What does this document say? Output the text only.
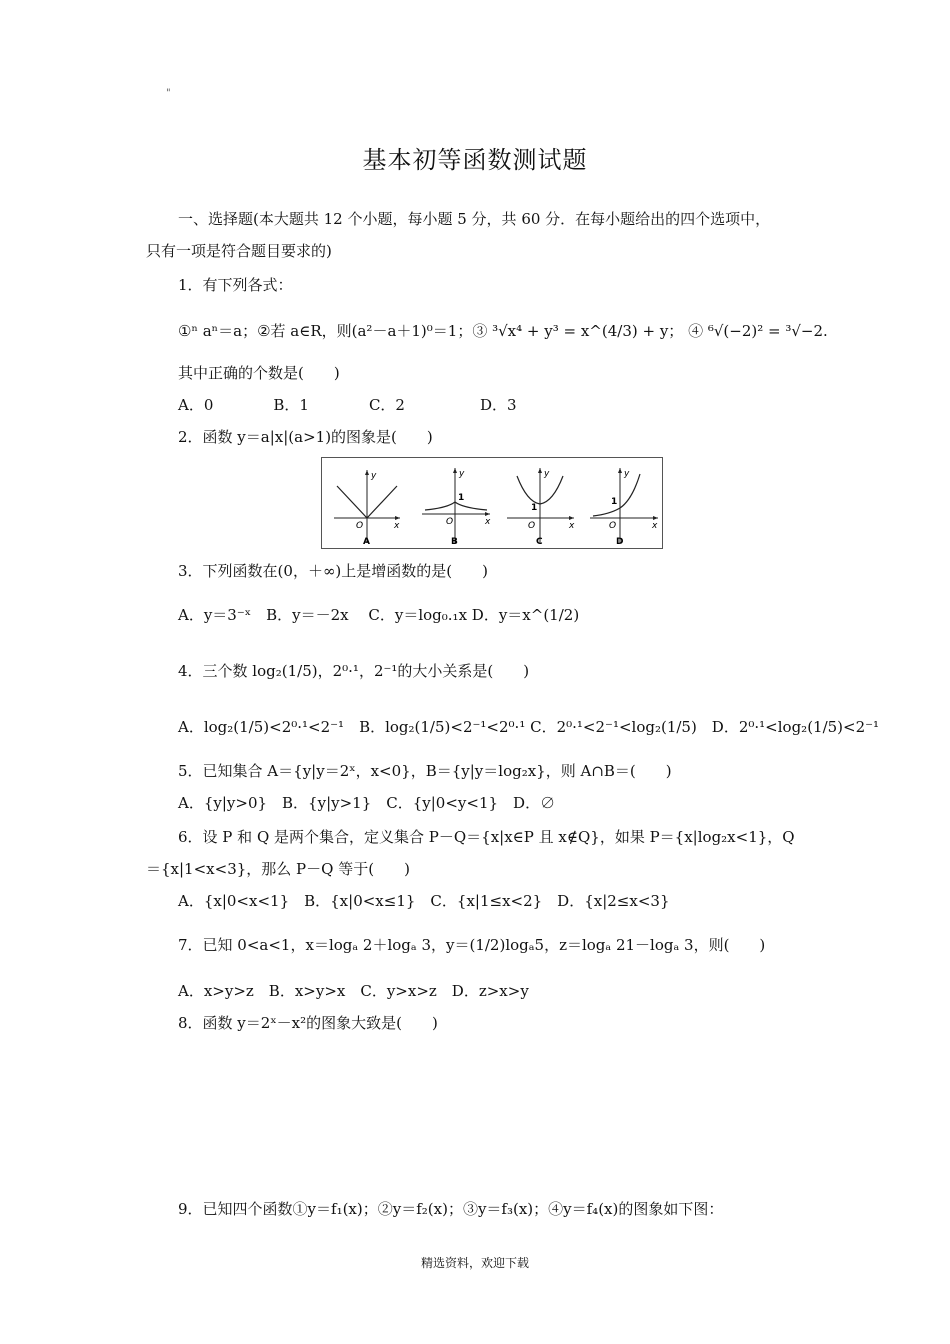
"
基本初等函数测试题
一、选择题(本大题共 12 个小题，每小题 5 分，共 60 分．在每小题给出的四个选项中，
只有一项是符合题目要求的)
1．有下列各式：
①ⁿ aⁿ＝a；②若 a∈R，则(a²－a＋1)⁰＝1；③ ³√x⁴ + y³ = x^(4/3) + y； ④ ⁶√(−2)² = ³√−2.
其中正确的个数是(　　)
A．0　　　　B．1　　　　C．2　　　　　D．3
2．函数 y＝a|x|(a>1)的图象是(　　)
y
x
O
A
y
x
O
1
B
y
x
O
1
C
y
x
O
1
D
3．下列函数在(0，＋∞)上是增函数的是(　　)
A．y＝3⁻ˣ　B．y＝－2x　 C．y＝log₀.₁x D．y＝x^(1/2)
4．三个数 log₂(1/5)，2⁰·¹，2⁻¹的大小关系是(　　)
A．log₂(1/5)<2⁰·¹<2⁻¹　B．log₂(1/5)<2⁻¹<2⁰·¹ C．2⁰·¹<2⁻¹<log₂(1/5)　D．2⁰·¹<log₂(1/5)<2⁻¹
5．已知集合 A＝{y|y＝2ˣ，x<0}，B＝{y|y＝log₂x}，则 A∩B＝(　　)
A．{y|y>0}　B．{y|y>1}　C．{y|0<y<1}　D．∅
6．设 P 和 Q 是两个集合，定义集合 P－Q＝{x|x∈P 且 x∉Q}，如果 P＝{x|log₂x<1}，Q
＝{x|1<x<3}，那么 P－Q 等于(　　)
A．{x|0<x<1}　B．{x|0<x≤1}　C．{x|1≤x<2}　D．{x|2≤x<3}
7．已知 0<a<1，x＝logₐ 2＋logₐ 3，y＝(1/2)logₐ5，z＝logₐ 21－logₐ 3，则(　　)
A．x>y>z　B．x>y>x　C．y>x>z　D．z>x>y
8．函数 y＝2ˣ－x²的图象大致是(　　)
9．已知四个函数①y＝f₁(x)；②y＝f₂(x)；③y＝f₃(x)；④y＝f₄(x)的图象如下图：
精选资料，欢迎下载
